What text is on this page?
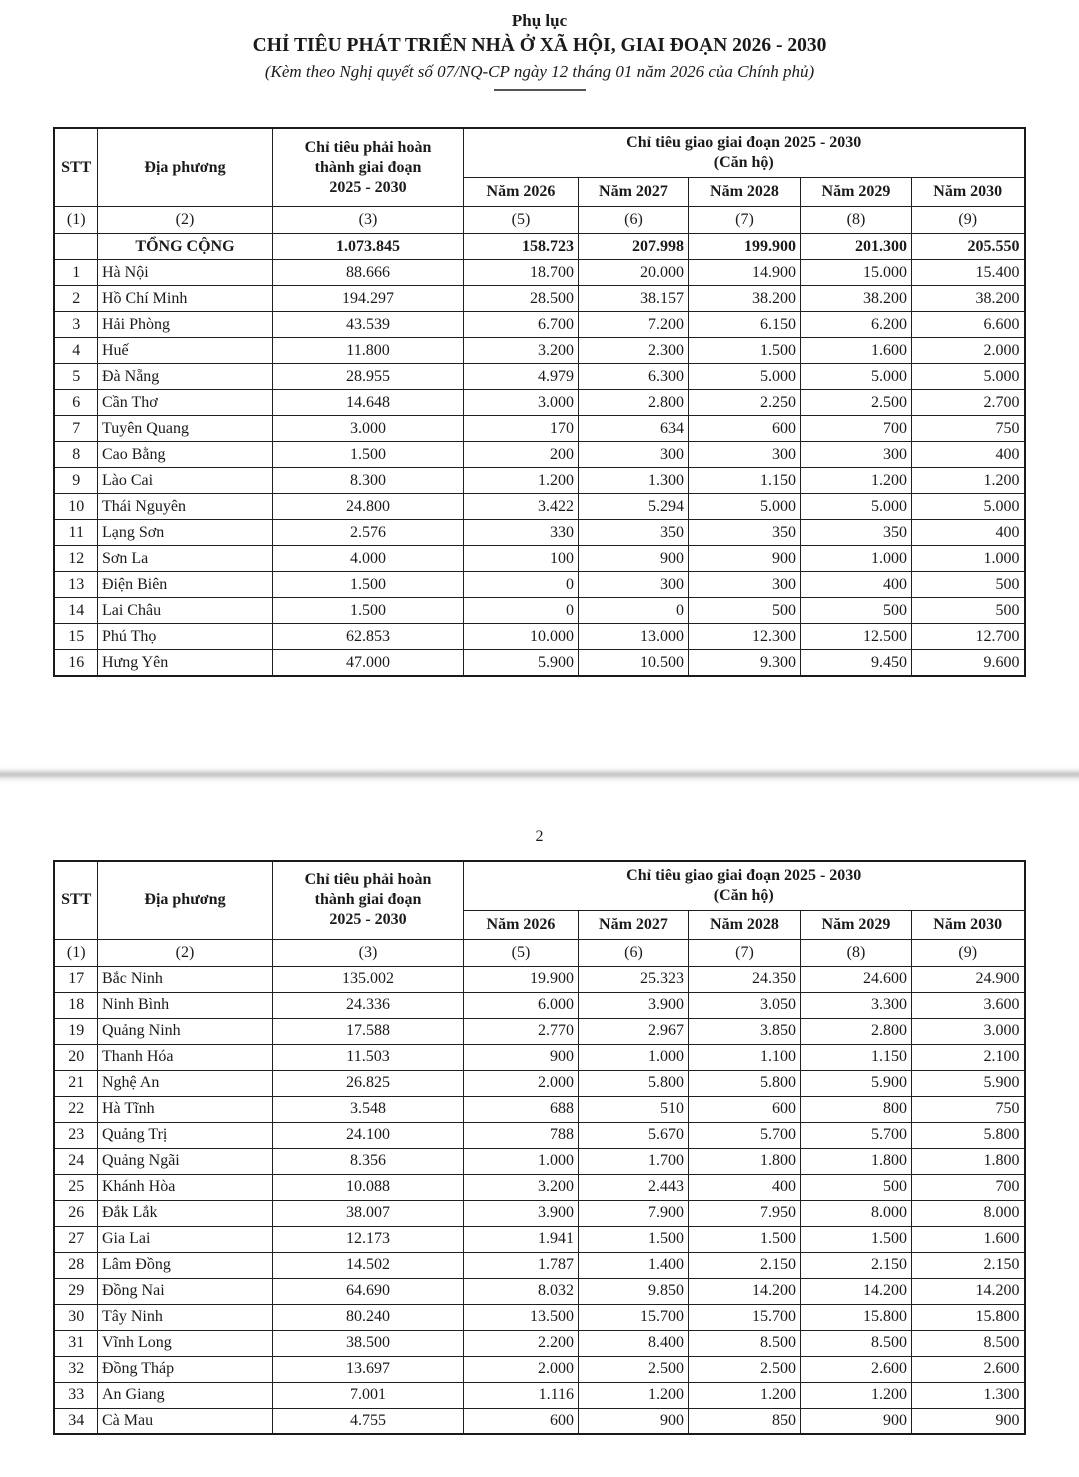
Phụ lục
CHỈ TIÊU PHÁT TRIỂN NHÀ Ở XÃ HỘI, GIAI ĐOẠN 2026 - 2030
(Kèm theo Nghị quyết số 07/NQ-CP ngày 12 tháng 01 năm 2026 của Chính phủ)
STT	Địa phương	Chỉ tiêu phải hoàn
thành giai đoạn
2025 - 2030	Chỉ tiêu giao giai đoạn 2025 - 2030
(Căn hộ)				

			Năm 2026	Năm 2027	Năm 2028	Năm 2029	Năm 2030
(1)	(2)	(3)	(5)	(6)	(7)	(8)	(9)
	TỔNG CỘNG	1.073.845	158.723	207.998	199.900	201.300	205.550
1	Hà Nội	88.666	18.700	20.000	14.900	15.000	15.400
2	Hồ Chí Minh	194.297	28.500	38.157	38.200	38.200	38.200
3	Hải Phòng	43.539	6.700	7.200	6.150	6.200	6.600
4	Huế	11.800	3.200	2.300	1.500	1.600	2.000
5	Đà Nẵng	28.955	4.979	6.300	5.000	5.000	5.000
6	Cần Thơ	14.648	3.000	2.800	2.250	2.500	2.700
7	Tuyên Quang	3.000	170	634	600	700	750
8	Cao Bằng	1.500	200	300	300	300	400
9	Lào Cai	8.300	1.200	1.300	1.150	1.200	1.200
10	Thái Nguyên	24.800	3.422	5.294	5.000	5.000	5.000
11	Lạng Sơn	2.576	330	350	350	350	400
12	Sơn La	4.000	100	900	900	1.000	1.000
13	Điện Biên	1.500	0	300	300	400	500
14	Lai Châu	1.500	0	0	500	500	500
15	Phú Thọ	62.853	10.000	13.000	12.300	12.500	12.700
16	Hưng Yên	47.000	5.900	10.500	9.300	9.450	9.600
2
STT	Địa phương	Chỉ tiêu phải hoàn
thành giai đoạn
2025 - 2030	Chỉ tiêu giao giai đoạn 2025 - 2030
(Căn hộ)				

			Năm 2026	Năm 2027	Năm 2028	Năm 2029	Năm 2030
(1)	(2)	(3)	(5)	(6)	(7)	(8)	(9)
17	Bắc Ninh	135.002	19.900	25.323	24.350	24.600	24.900
18	Ninh Bình	24.336	6.000	3.900	3.050	3.300	3.600
19	Quảng Ninh	17.588	2.770	2.967	3.850	2.800	3.000
20	Thanh Hóa	11.503	900	1.000	1.100	1.150	2.100
21	Nghệ An	26.825	2.000	5.800	5.800	5.900	5.900
22	Hà Tĩnh	3.548	688	510	600	800	750
23	Quảng Trị	24.100	788	5.670	5.700	5.700	5.800
24	Quảng Ngãi	8.356	1.000	1.700	1.800	1.800	1.800
25	Khánh Hòa	10.088	3.200	2.443	400	500	700
26	Đắk Lắk	38.007	3.900	7.900	7.950	8.000	8.000
27	Gia Lai	12.173	1.941	1.500	1.500	1.500	1.600
28	Lâm Đồng	14.502	1.787	1.400	2.150	2.150	2.150
29	Đồng Nai	64.690	8.032	9.850	14.200	14.200	14.200
30	Tây Ninh	80.240	13.500	15.700	15.700	15.800	15.800
31	Vĩnh Long	38.500	2.200	8.400	8.500	8.500	8.500
32	Đồng Tháp	13.697	2.000	2.500	2.500	2.600	2.600
33	An Giang	7.001	1.116	1.200	1.200	1.200	1.300
34	Cà Mau	4.755	600	900	850	900	900
